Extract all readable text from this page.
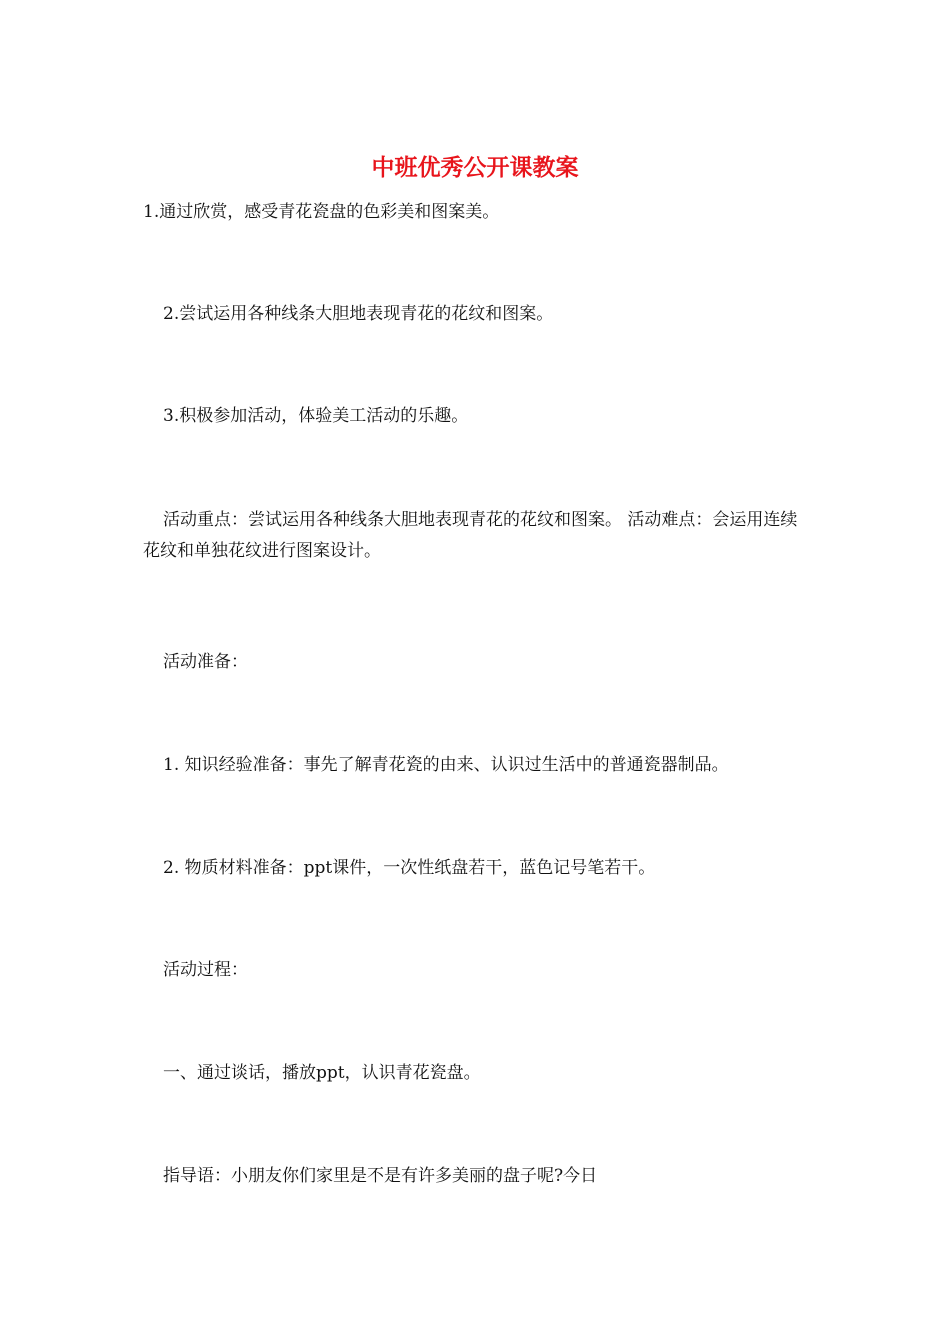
中班优秀公开课教案
1.通过欣赏，感受青花瓷盘的色彩美和图案美。
2.尝试运用各种线条大胆地表现青花的花纹和图案。
3.积极参加活动，体验美工活动的乐趣。
活动重点：尝试运用各种线条大胆地表现青花的花纹和图案。 活动难点：会运用连续花纹和单独花纹进行图案设计。
活动准备：
1. 知识经验准备：事先了解青花瓷的由来、认识过生活中的普通瓷器制品。
2. 物质材料准备：ppt课件，一次性纸盘若干，蓝色记号笔若干。
活动过程：
一、通过谈话，播放ppt，认识青花瓷盘。
指导语：小朋友你们家里是不是有许多美丽的盘子呢?今日
